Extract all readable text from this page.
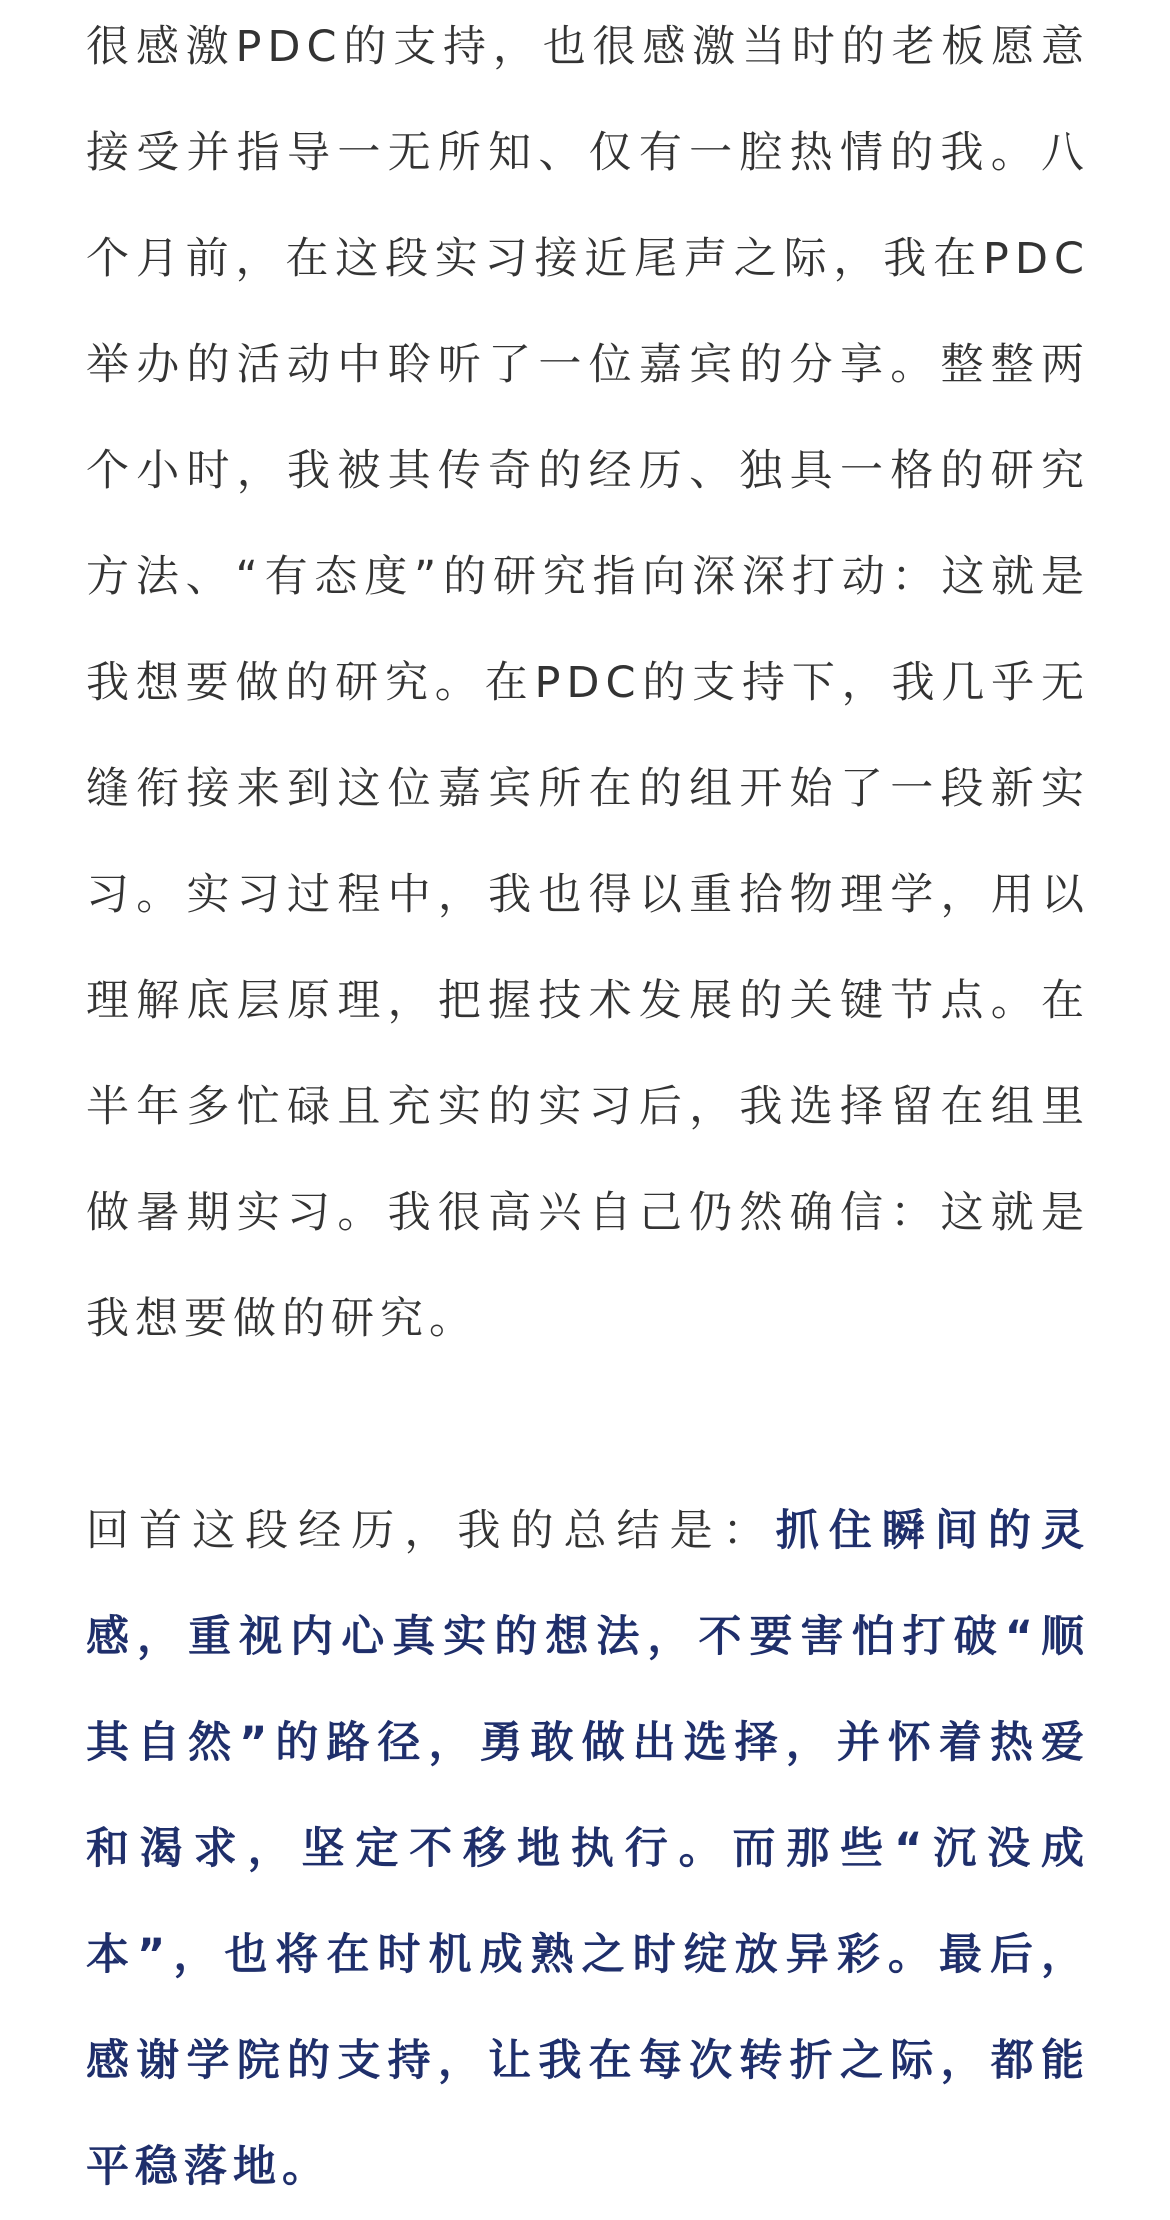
很感激PDC的支持，也很感激当时的老板愿意接受并指导一无所知、仅有一腔热情的我。八个月前，在这段实习接近尾声之际，我在PDC举办的活动中聆听了一位嘉宾的分享。整整两个小时，我被其传奇的经历、独具一格的研究方法、“有态度”的研究指向深深打动：这就是我想要做的研究。在PDC的支持下，我几乎无缝衔接来到这位嘉宾所在的组开始了一段新实习。实习过程中，我也得以重拾物理学，用以理解底层原理，把握技术发展的关键节点。在半年多忙碌且充实的实习后，我选择留在组里做暑期实习。我很高兴自己仍然确信：这就是我想要做的研究。

回首这段经历，我的总结是：抓住瞬间的灵感，重视内心真实的想法，不要害怕打破“顺其自然”的路径，勇敢做出选择，并怀着热爱和渴求，坚定不移地执行。而那些“沉没成本”，也将在时机成熟之时绽放异彩。最后，感谢学院的支持，让我在每次转折之际，都能平稳落地。
